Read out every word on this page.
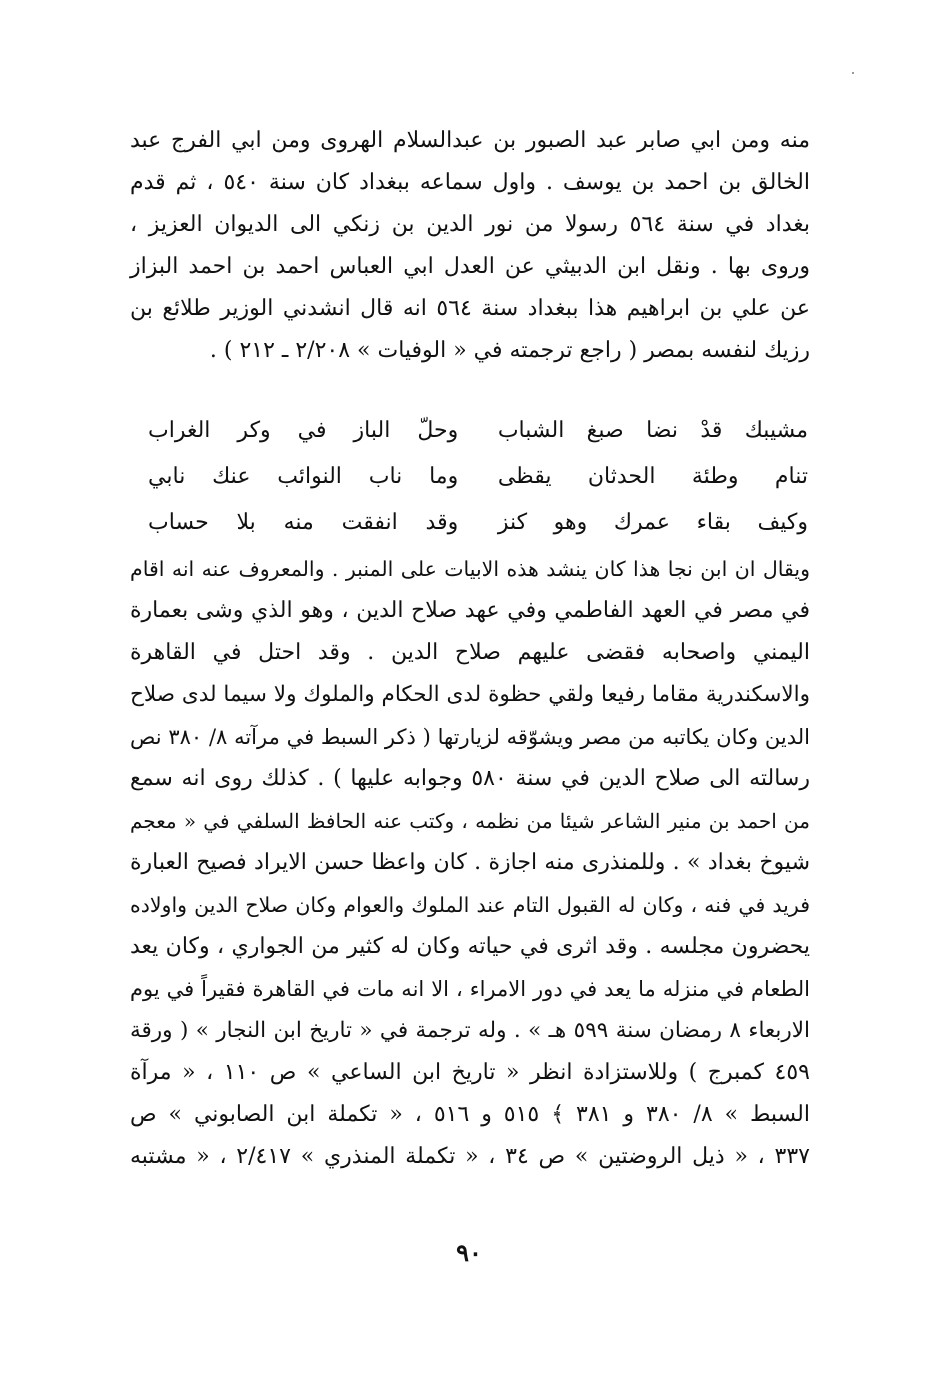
منه ومن ابي صابر عبد الصبور بن عبدالسلام الهروى ومن ابي الفرج عبد
الخالق بن احمد بن يوسف . واول سماعه ببغداد كان سنة ٥٤٠ ، ثم قدم
بغداد في سنة ٥٦٤ رسولا من نور الدين بن زنكي الى الديوان العزيز ،
وروى بها . ونقل ابن الدبيثي عن العدل ابي العباس احمد بن احمد البزاز
عن علي بن ابراهيم هذا ببغداد سنة ٥٦٤ انه قال انشدني الوزير طلائع بن
رزيك لنفسه بمصر ( راجع ترجمته في « الوفيات » ٢/٢٠٨ ـ ٢١٢ ) .
مشيبك قدْ نضا صبغ الشباب
وحلّ الباز في وكر الغراب
تنام وطئة الحدثان يقظى
وما ناب النوائب عنك نابي
وكيف بقاء عمرك وهو كنز
وقد انفقت منه بلا حساب
ويقال ان ابن نجا هذا كان ينشد هذه الابيات على المنبر . والمعروف عنه انه اقام
في مصر في العهد الفاطمي وفي عهد صلاح الدين ، وهو الذي وشى بعمارة
اليمني واصحابه فقضى عليهم صلاح الدين . وقد احتل في القاهرة
والاسكندرية مقاما رفيعا ولقي حظوة لدى الحكام والملوك ولا سيما لدى صلاح
الدين وكان يكاتبه من مصر ويشوّقه لزيارتها ( ذكر السبط في مرآته ٨/ ٣٨٠ نص
رسالته الى صلاح الدين في سنة ٥٨٠ وجوابه عليها ) . كذلك روى انه سمع
من احمد بن منير الشاعر شيئا من نظمه ، وكتب عنه الحافظ السلفي في « معجم
شيوخ بغداد » . وللمنذرى منه اجازة . كان واعظا حسن الايراد فصيح العبارة
فريد في فنه ، وكان له القبول التام عند الملوك والعوام وكان صلاح الدين واولاده
يحضرون مجلسه . وقد اثرى في حياته وكان له كثير من الجواري ، وكان يعد
الطعام في منزله ما يعد في دور الامراء ، الا انه مات في القاهرة فقيراً في يوم
الاربعاء ٨ رمضان سنة ٥٩٩ هـ » . وله ترجمة في « تاريخ ابن النجار » ( ورقة
٤٥٩ كمبرج ) وللاستزادة انظر « تاريخ ابن الساعي » ص ١١٠ ، « مرآة
السبط » ٨/ ٣٨٠ و ٣٨١ ﴾ ٥١٥ و ٥١٦ ، « تكملة ابن الصابوني » ص
٣٣٧ ، « ذيل الروضتين » ص ٣٤ ، « تكملة المنذري » ٢/٤١٧ ، « مشتبه
٩٠
